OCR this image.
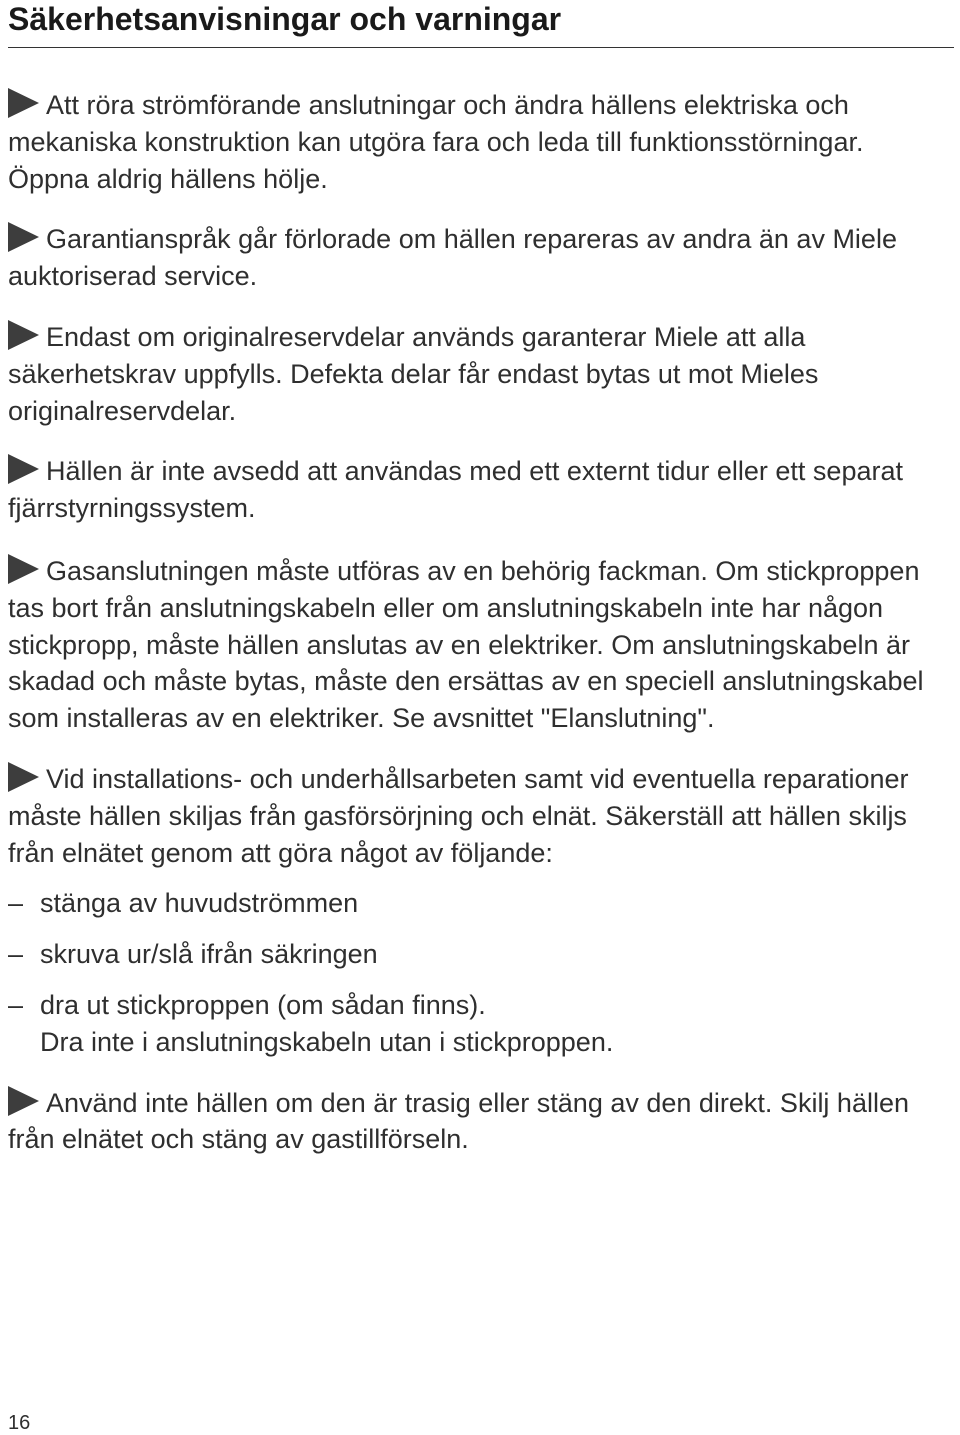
Säkerhetsanvisningar och varningar

Att röra strömförande anslutningar och ändra hällens elektriska och mekaniska konstruktion kan utgöra fara och leda till funktionsstörningar.
Öppna aldrig hällens hölje.

Garantianspråk går förlorade om hällen repareras av andra än av Miele auktoriserad service.

Endast om originalreservdelar används garanterar Miele att alla säkerhetskrav uppfylls. Defekta delar får endast bytas ut mot Mieles originalreservdelar.

Hällen är inte avsedd att användas med ett externt tidur eller ett separat fjärrstyrningssystem.

Gasanslutningen måste utföras av en behörig fackman. Om stickproppen tas bort från anslutningskabeln eller om anslutningskabeln inte har någon stickpropp, måste hällen anslutas av en elektriker. Om anslutningskabeln är skadad och måste bytas, måste den ersättas av en speciell anslutningskabel som installeras av en elektriker. Se avsnittet "Elanslutning".

Vid installations- och underhållsarbeten samt vid eventuella reparationer måste hällen skiljas från gasförsörjning och elnät. Säkerställ att hällen skiljs från elnätet genom att göra något av följande:

– stänga av huvudströmmen
– skruva ur/slå ifrån säkringen
– dra ut stickproppen (om sådan finns).
Dra inte i anslutningskabeln utan i stickproppen.

Använd inte hällen om den är trasig eller stäng av den direkt. Skilj hällen från elnätet och stäng av gastillförseln.

16
